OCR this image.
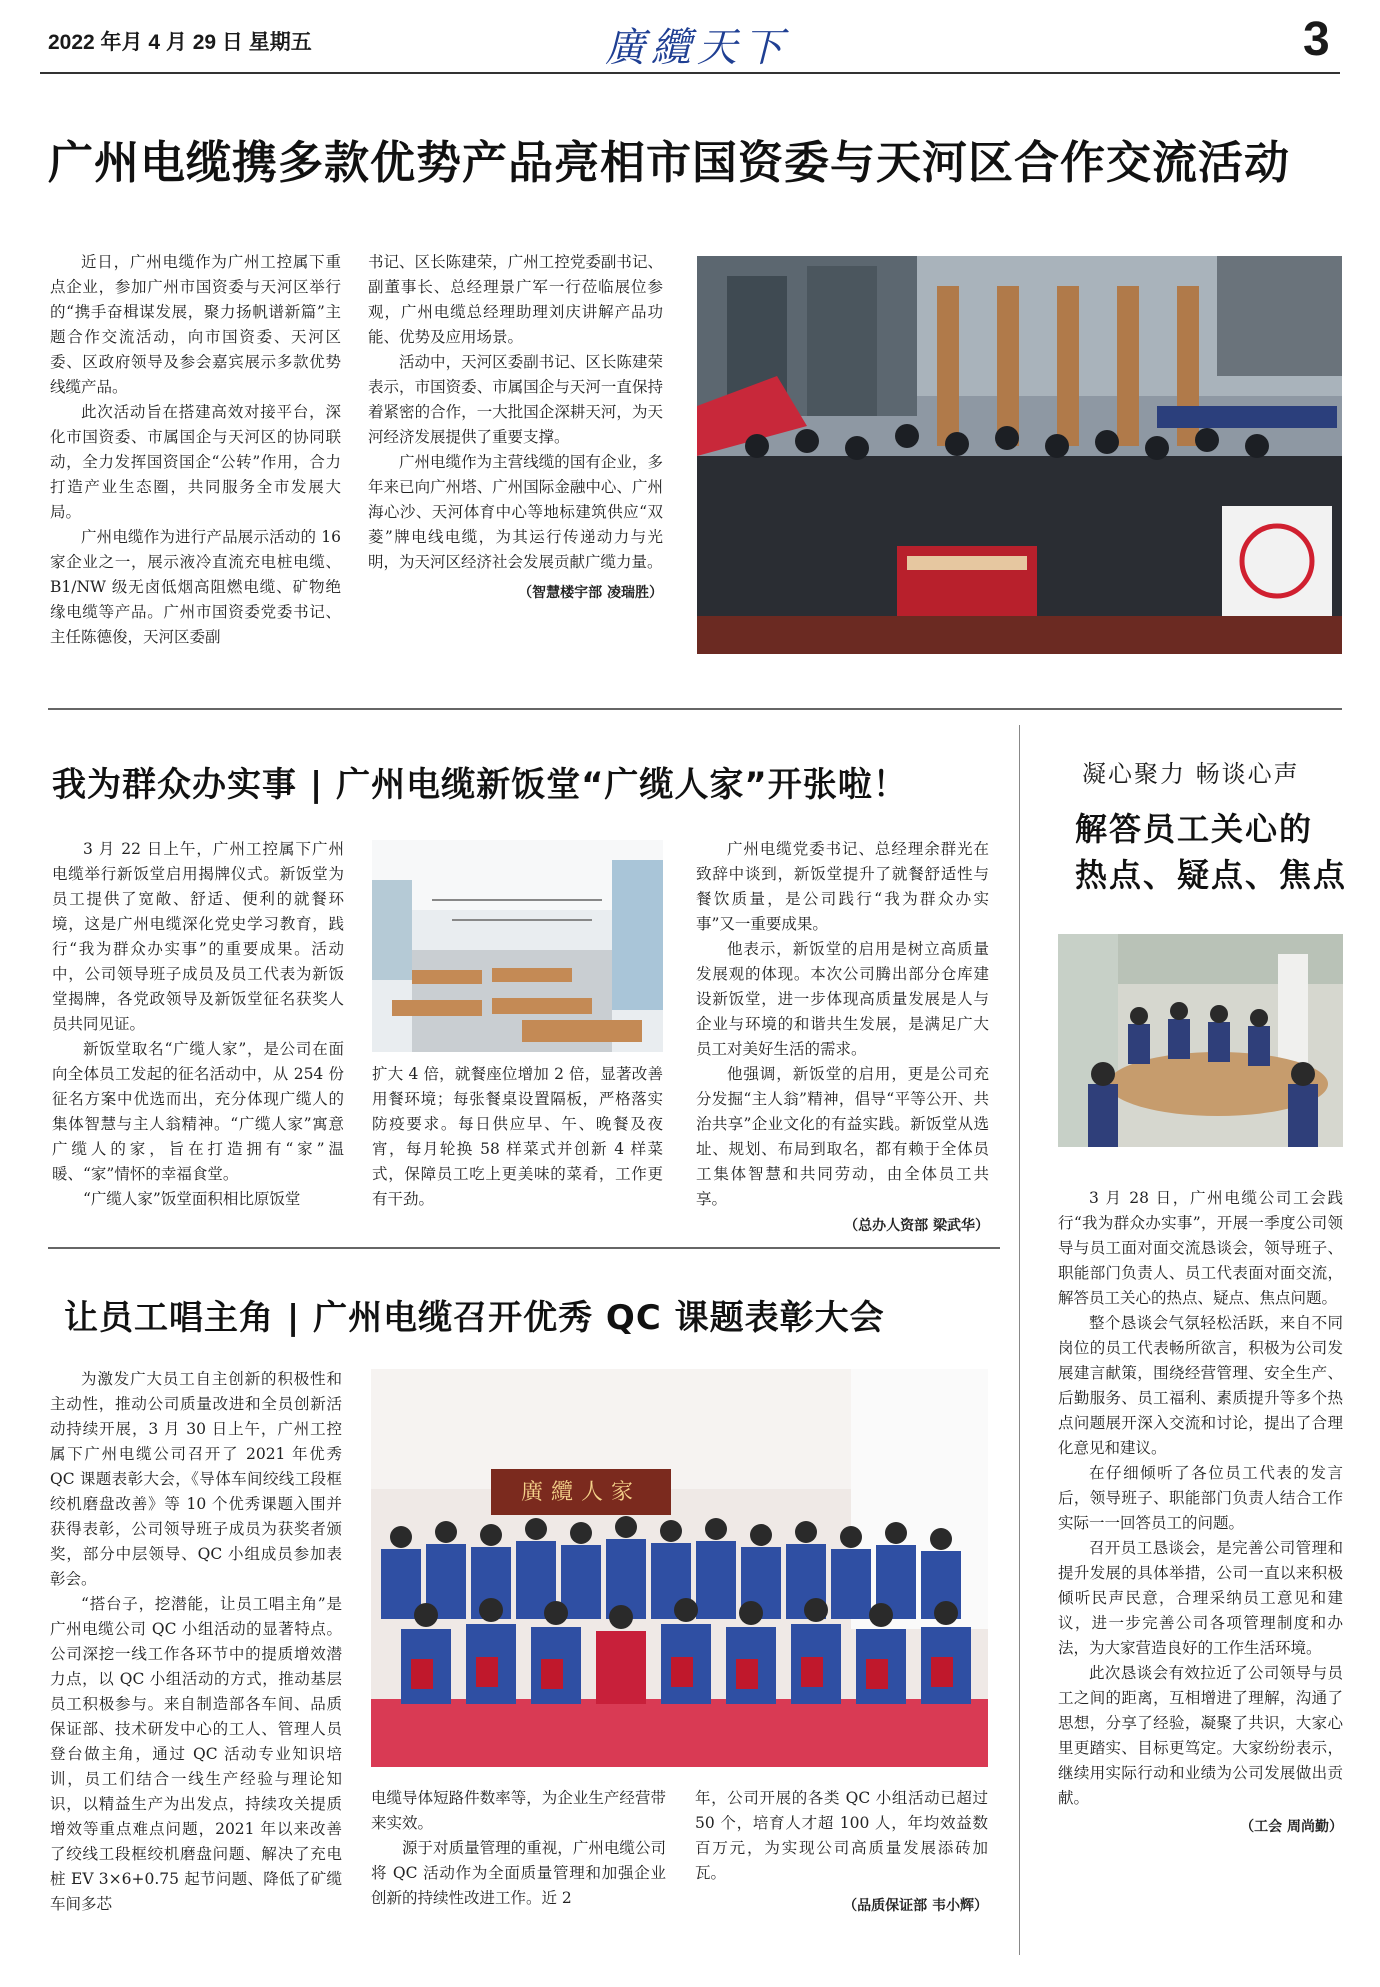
2022 年月 4 月 29 日 星期五	廣纜天下	3
广州电缆携多款优势产品亮相市国资委与天河区合作交流活动

近日，广州电缆作为广州工控属下重点企业，参加广州市国资委与天河区举行的“携手奋楫谋发展，聚力扬帆谱新篇”主题合作交流活动，向市国资委、天河区委、区政府领导及参会嘉宾展示多款优势线缆产品。

此次活动旨在搭建高效对接平台，深化市国资委、市属国企与天河区的协同联动，全力发挥国资国企“公转”作用，合力打造产业生态圈，共同服务全市发展大局。

广州电缆作为进行产品展示活动的 16 家企业之一，展示液冷直流充电桩电缆、B1/NW 级无卤低烟高阻燃电缆、矿物绝缘电缆等产品。广州市国资委党委书记、主任陈德俊，天河区委副

书记、区长陈建荣，广州工控党委副书记、副董事长、总经理景广军一行莅临展位参观，广州电缆总经理助理刘庆讲解产品功能、优势及应用场景。

活动中，天河区委副书记、区长陈建荣表示，市国资委、市属国企与天河一直保持着紧密的合作，一大批国企深耕天河，为天河经济发展提供了重要支撑。

广州电缆作为主营线缆的国有企业，多年来已向广州塔、广州国际金融中心、广州海心沙、天河体育中心等地标建筑供应“双菱”牌电线电缆，为其运行传递动力与光明，为天河区经济社会发展贡献广缆力量。

（智慧楼宇部 凌瑞胜）
我为群众办实事 | 广州电缆新饭堂“广缆人家”开张啦！

3 月 22 日上午，广州工控属下广州电缆举行新饭堂启用揭牌仪式。新饭堂为员工提供了宽敞、舒适、便利的就餐环境，这是广州电缆深化党史学习教育，践行“我为群众办实事”的重要成果。活动中，公司领导班子成员及员工代表为新饭堂揭牌，各党政领导及新饭堂征名获奖人员共同见证。

新饭堂取名“广缆人家”，是公司在面向全体员工发起的征名活动中，从 254 份征名方案中优选而出，充分体现广缆人的集体智慧与主人翁精神。“广缆人家”寓意广缆人的家，旨在打造拥有“家”温暖、“家”情怀的幸福食堂。

“广缆人家”饭堂面积相比原饭堂

扩大 4 倍，就餐座位增加 2 倍，显著改善用餐环境；每张餐桌设置隔板，严格落实防疫要求。每日供应早、午、晚餐及夜宵，每月轮换 58 样菜式并创新 4 样菜式，保障员工吃上更美味的菜肴，工作更有干劲。

广州电缆党委书记、总经理余群光在致辞中谈到，新饭堂提升了就餐舒适性与餐饮质量，是公司践行“我为群众办实事”又一重要成果。

他表示，新饭堂的启用是树立高质量发展观的体现。本次公司腾出部分仓库建设新饭堂，进一步体现高质量发展是人与企业与环境的和谐共生发展，是满足广大员工对美好生活的需求。

他强调，新饭堂的启用，更是公司充分发掘“主人翁”精神，倡导“平等公开、共治共享”企业文化的有益实践。新饭堂从选址、规划、布局到取名，都有赖于全体员工集体智慧和共同劳动，由全体员工共享。

（总办人资部 梁武华）
凝心聚力 畅谈心声
解答员工关心的
热点、疑点、焦点

3 月 28 日，广州电缆公司工会践行“我为群众办实事”，开展一季度公司领导与员工面对面交流恳谈会，领导班子、职能部门负责人、员工代表面对面交流，解答员工关心的热点、疑点、焦点问题。

整个恳谈会气氛轻松活跃，来自不同岗位的员工代表畅所欲言，积极为公司发展建言献策，围绕经营管理、安全生产、后勤服务、员工福利、素质提升等多个热点问题展开深入交流和讨论，提出了合理化意见和建议。

在仔细倾听了各位员工代表的发言后，领导班子、职能部门负责人结合工作实际一一回答员工的问题。

召开员工恳谈会，是完善公司管理和提升发展的具体举措，公司一直以来积极倾听民声民意，合理采纳员工意见和建议，进一步完善公司各项管理制度和办法，为大家营造良好的工作生活环境。

此次恳谈会有效拉近了公司领导与员工之间的距离，互相增进了理解，沟通了思想，分享了经验，凝聚了共识，大家心里更踏实、目标更笃定。大家纷纷表示，继续用实际行动和业绩为公司发展做出贡献。

（工会 周尚勤）
让员工唱主角 | 广州电缆召开优秀 QC 课题表彰大会

为激发广大员工自主创新的积极性和主动性，推动公司质量改进和全员创新活动持续开展，3 月 30 日上午，广州工控属下广州电缆公司召开了 2021 年优秀 QC 课题表彰大会，《导体车间绞线工段框绞机磨盘改善》等 10 个优秀课题入围并获得表彰，公司领导班子成员为获奖者颁奖，部分中层领导、QC 小组成员参加表彰会。

“搭台子，挖潜能，让员工唱主角”是广州电缆公司 QC 小组活动的显著特点。公司深挖一线工作各环节中的提质增效潜力点，以 QC 小组活动的方式，推动基层员工积极参与。来自制造部各车间、品质保证部、技术研发中心的工人、管理人员登台做主角，通过 QC 活动专业知识培训，员工们结合一线生产经验与理论知识，以精益生产为出发点，持续攻关提质增效等重点难点问题，2021 年以来改善了绞线工段框绞机磨盘问题、解决了充电桩 EV 3×6+0.75 起节问题、降低了矿缆车间多芯

廣纜人家

电缆导体短路件数率等，为企业生产经营带来实效。

源于对质量管理的重视，广州电缆公司将 QC 活动作为全面质量管理和加强企业创新的持续性改进工作。近 2

年，公司开展的各类 QC 小组活动已超过 50 个，培育人才超 100 人，年均效益数百万元，为实现公司高质量发展添砖加瓦。

（品质保证部 韦小辉）
